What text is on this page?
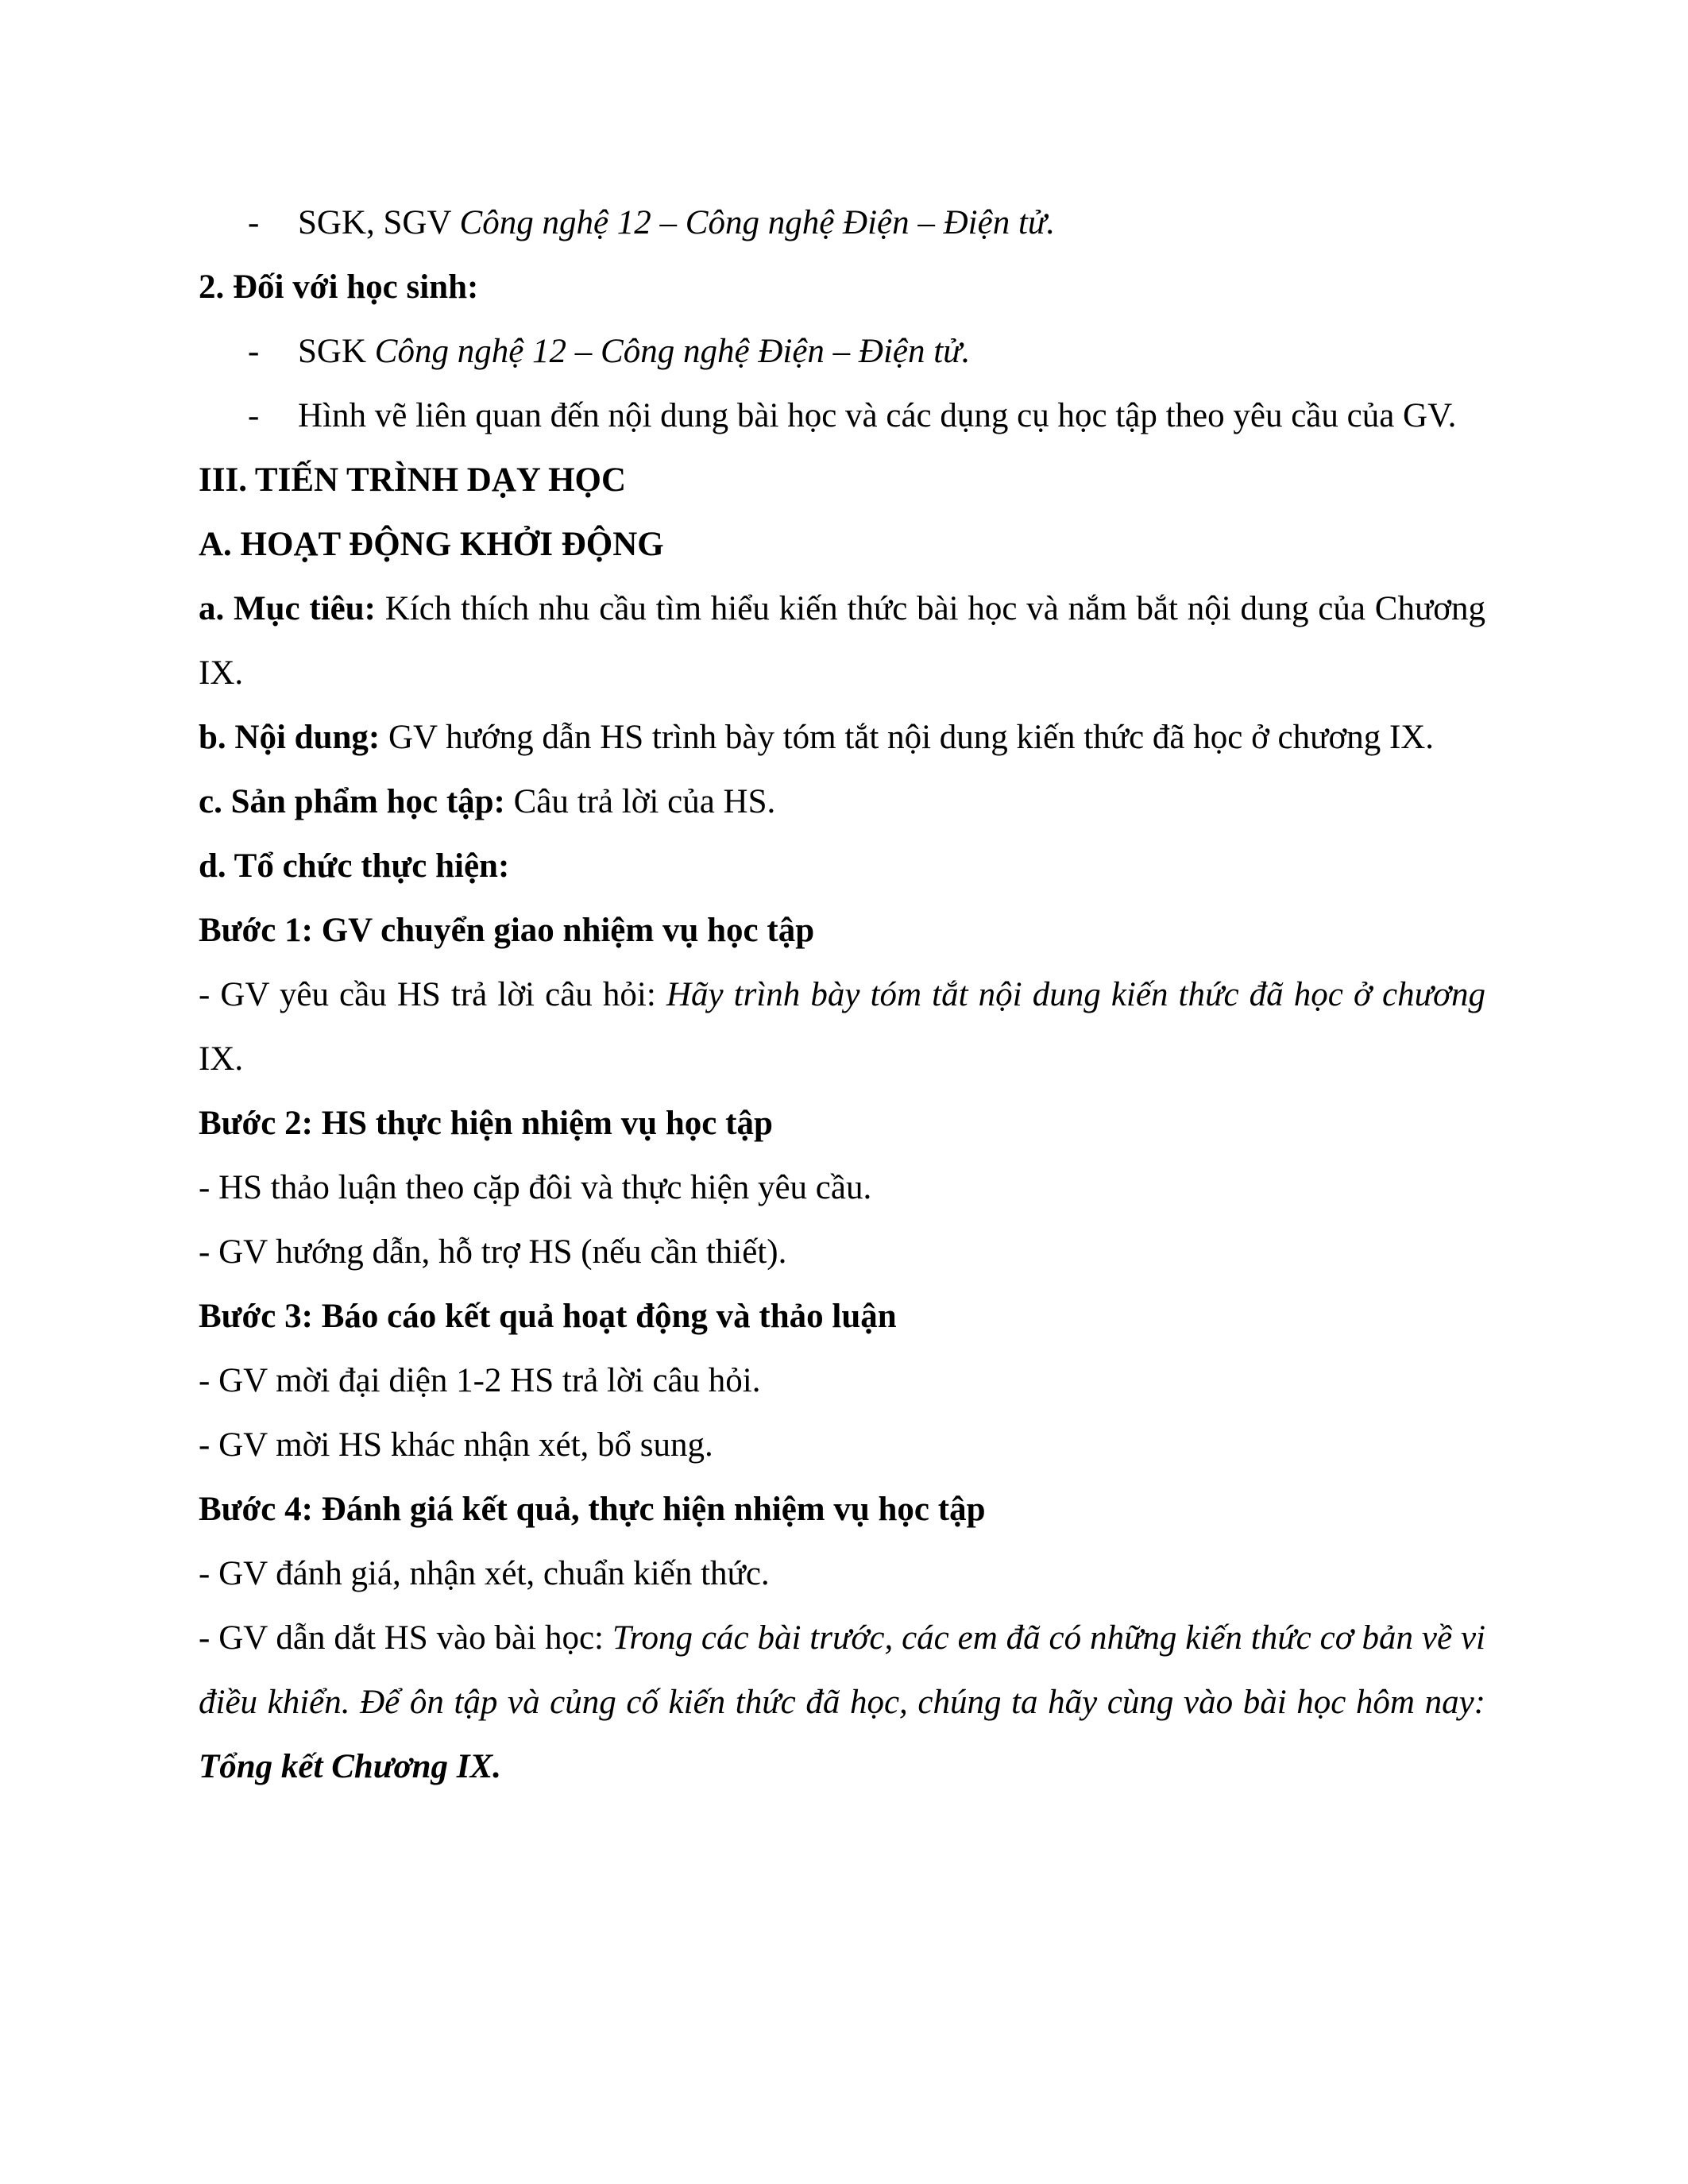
- SGK, SGV Công nghệ 12 – Công nghệ Điện – Điện tử.

2. Đối với học sinh:

- SGK Công nghệ 12 – Công nghệ Điện – Điện tử.

- Hình vẽ liên quan đến nội dung bài học và các dụng cụ học tập theo yêu cầu của GV.

III. TIẾN TRÌNH DẠY HỌC

A. HOẠT ĐỘNG KHỞI ĐỘNG

a. Mục tiêu: Kích thích nhu cầu tìm hiểu kiến thức bài học và nắm bắt nội dung của Chương IX.

b. Nội dung: GV hướng dẫn HS trình bày tóm tắt nội dung kiến thức đã học ở chương IX.

c. Sản phẩm học tập: Câu trả lời của HS.

d. Tổ chức thực hiện:

Bước 1: GV chuyển giao nhiệm vụ học tập

- GV yêu cầu HS trả lời câu hỏi: Hãy trình bày tóm tắt nội dung kiến thức đã học ở chương IX.

Bước 2: HS thực hiện nhiệm vụ học tập

- HS thảo luận theo cặp đôi và thực hiện yêu cầu.

- GV hướng dẫn, hỗ trợ HS (nếu cần thiết).

Bước 3: Báo cáo kết quả hoạt động và thảo luận

- GV mời đại diện 1-2 HS trả lời câu hỏi.

- GV mời HS khác nhận xét, bổ sung.

Bước 4: Đánh giá kết quả, thực hiện nhiệm vụ học tập

- GV đánh giá, nhận xét, chuẩn kiến thức.

- GV dẫn dắt HS vào bài học: Trong các bài trước, các em đã có những kiến thức cơ bản về vi điều khiển. Để ôn tập và củng cố kiến thức đã học, chúng ta hãy cùng vào bài học hôm nay: Tổng kết Chương IX.
